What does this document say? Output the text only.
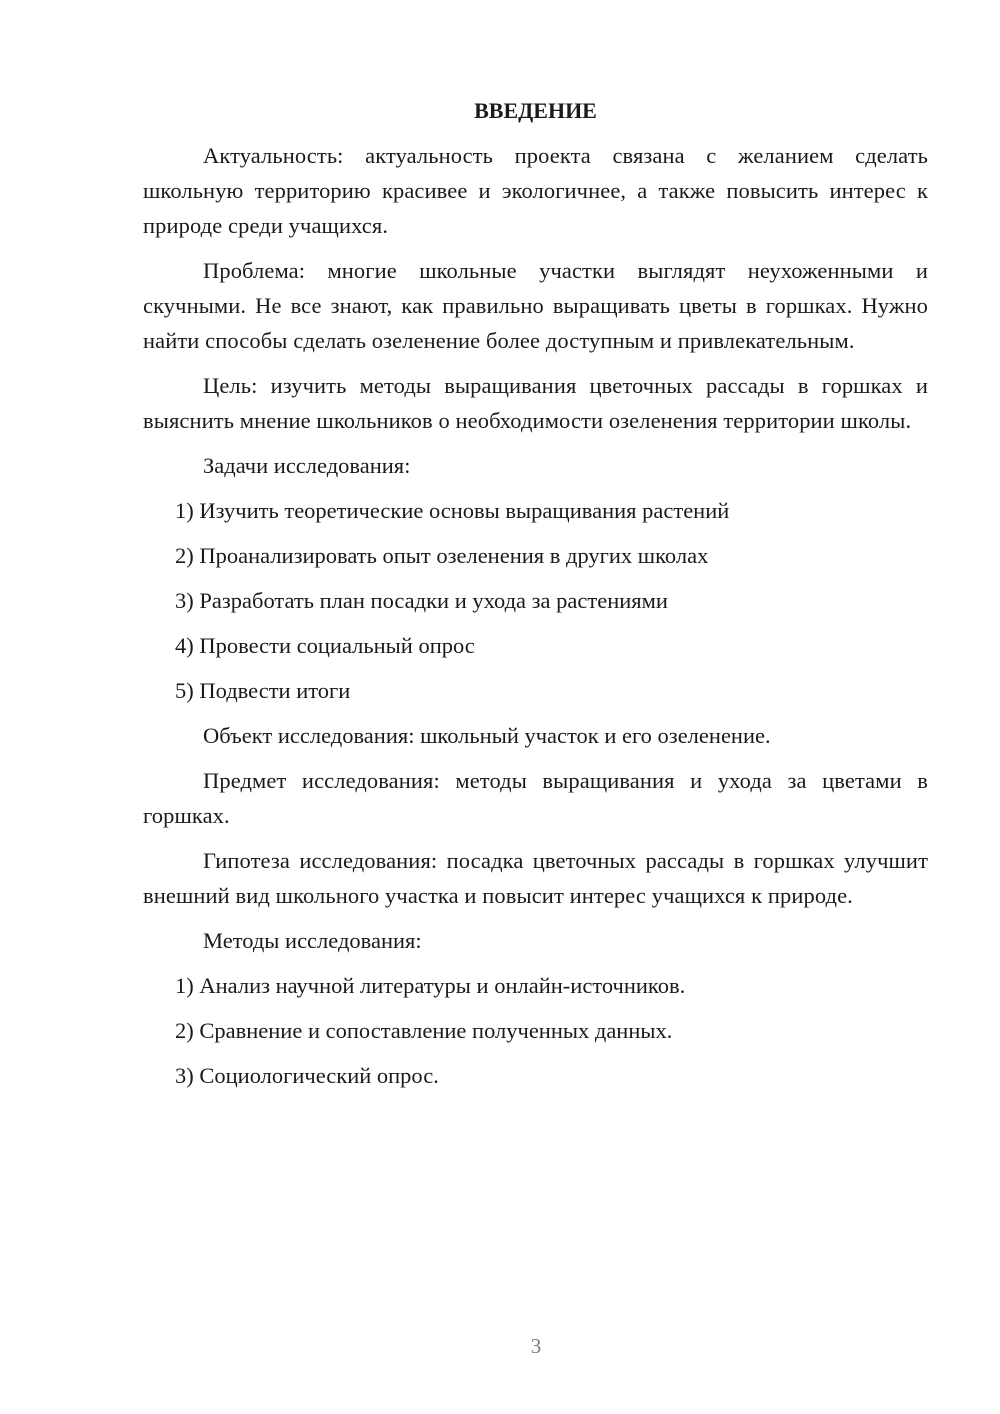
ВВЕДЕНИЕ

Актуальность: актуальность проекта связана с желанием сделать школьную территорию красивее и экологичнее, а также повысить интерес к природе среди учащихся.

Проблема: многие школьные участки выглядят неухоженными и скучными. Не все знают, как правильно выращивать цветы в горшках. Нужно найти способы сделать озеленение более доступным и привлекательным.

Цель: изучить методы выращивания цветочных рассады в горшках и выяснить мнение школьников о необходимости озеленения территории школы.

Задачи исследования:
1) Изучить теоретические основы выращивания растений
2) Проанализировать опыт озеленения в других школах
3) Разработать план посадки и ухода за растениями
4) Провести социальный опрос
5) Подвести итоги
Объект исследования: школьный участок и его озеленение.

Предмет исследования: методы выращивания и ухода за цветами в горшках.

Гипотеза исследования: посадка цветочных рассады в горшках улучшит внешний вид школьного участка и повысит интерес учащихся к природе.

Методы исследования:
1) Анализ научной литературы и онлайн-источников.
2) Сравнение и сопоставление полученных данных.
3) Социологический опрос.
3
